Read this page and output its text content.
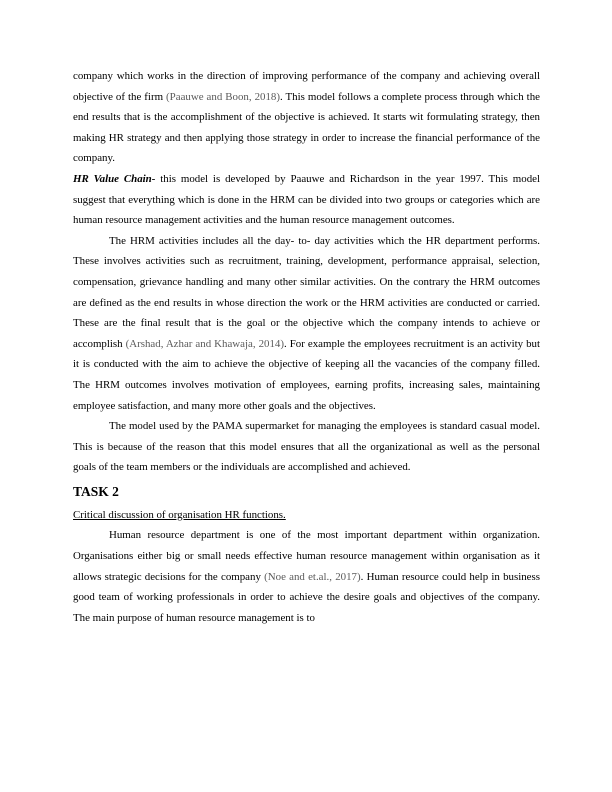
company which works in the direction of improving performance of the company and achieving overall objective of the firm (Paauwe and Boon, 2018). This model follows a complete process through which the end results that is the accomplishment of the objective is achieved. It starts wit formulating strategy, then making HR strategy and then applying those strategy in order to increase the financial performance of the company.

HR Value Chain- this model is developed by Paauwe and Richardson in the year 1997. This model suggest that everything which is done in the HRM can be divided into two groups or categories which are human resource management activities and the human resource management outcomes.

The HRM activities includes all the day- to- day activities which the HR department performs. These involves activities such as recruitment, training, development, performance appraisal, selection, compensation, grievance handling and many other similar activities. On the contrary the HRM outcomes are defined as the end results in whose direction the work or the HRM activities are conducted or carried. These are the final result that is the goal or the objective which the company intends to achieve or accomplish (Arshad, Azhar and Khawaja, 2014). For example the employees recruitment is an activity but it is conducted with the aim to achieve the objective of keeping all the vacancies of the company filled. The HRM outcomes involves motivation of employees, earning profits, increasing sales, maintaining employee satisfaction, and many more other goals and the objectives.

The model used by the PAMA supermarket for managing the employees is standard casual model. This is because of the reason that this model ensures that all the organizational as well as the personal goals of the team members or the individuals are accomplished and achieved.

TASK 2

Critical discussion of organisation HR functions.

Human resource department is one of the most important department within organization. Organisations either big or small needs effective human resource management within organisation as it allows strategic decisions for the company (Noe and et.al., 2017). Human resource could help in business good team of working professionals in order to achieve the desire goals and objectives of the company. The main purpose of human resource management is to
